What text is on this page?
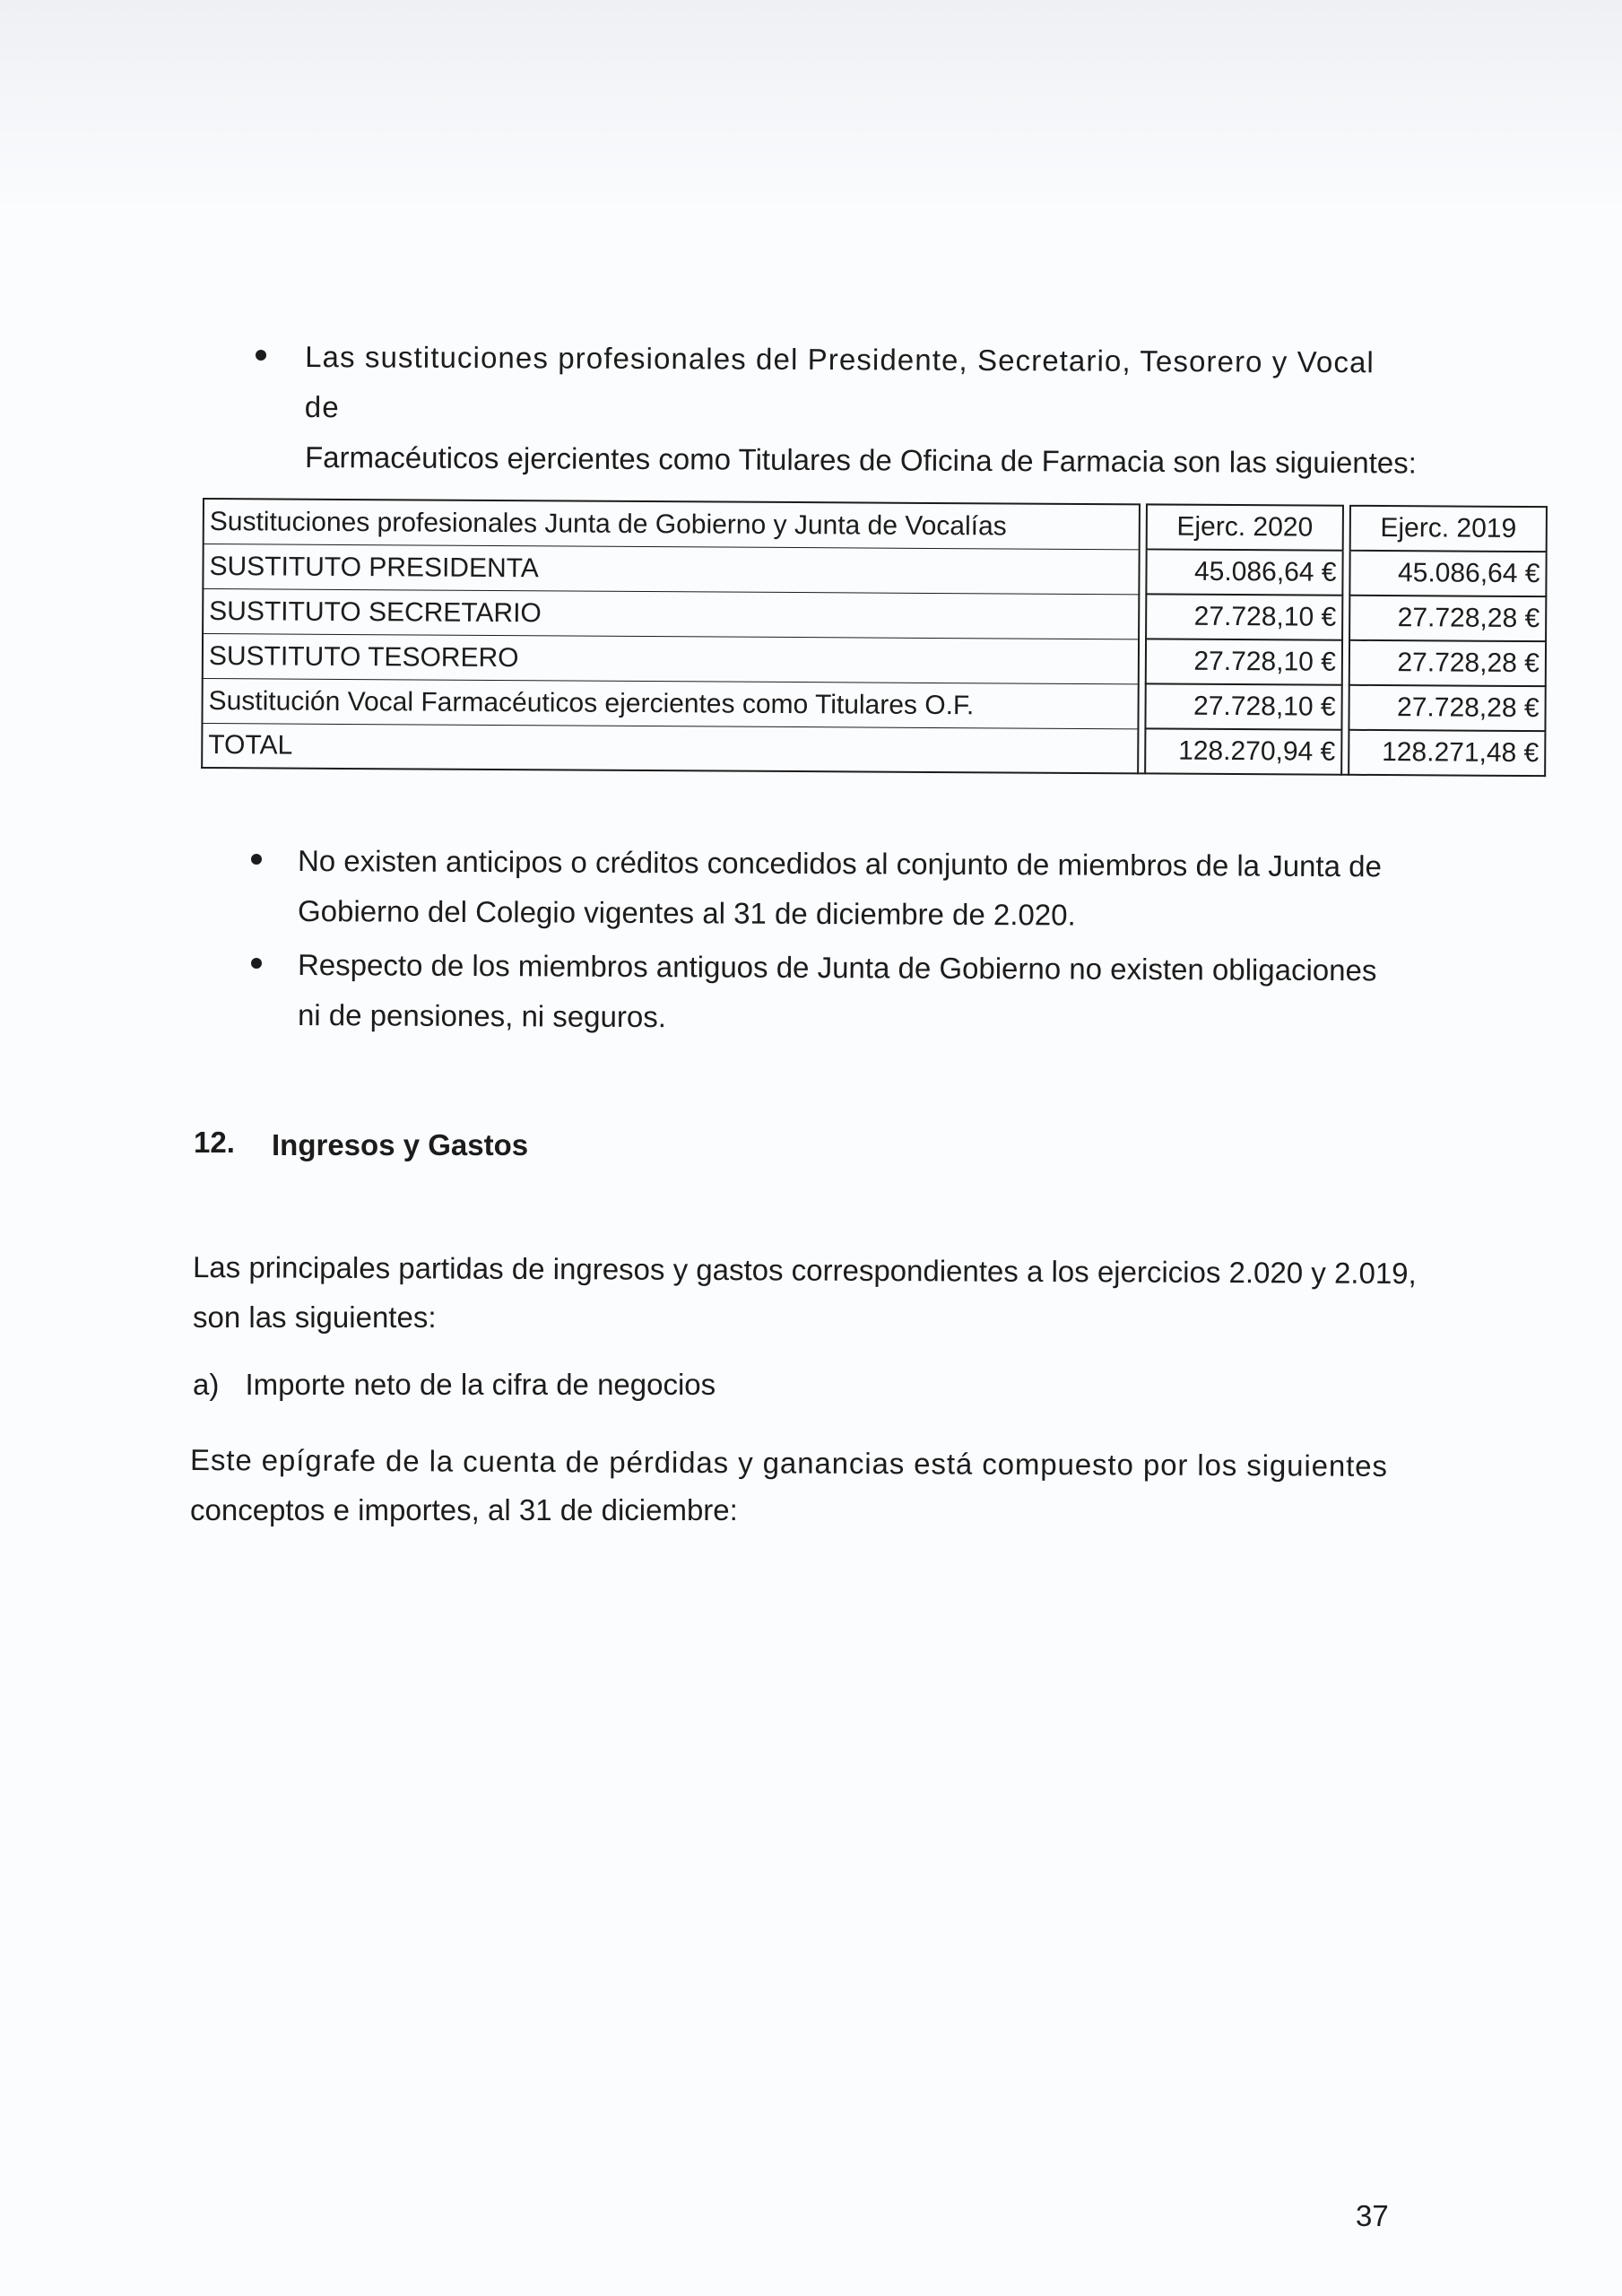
Las sustituciones profesionales del Presidente, Secretario, Tesorero y Vocal de
Farmacéuticos ejercientes como Titulares de Oficina de Farmacia son las siguientes:

Sustituciones profesionales Junta de Gobierno y Junta de Vocalías		Ejerc. 2020		Ejerc. 2019
SUSTITUTO PRESIDENTA		45.086,64 €		45.086,64 €
SUSTITUTO SECRETARIO		27.728,10 €		27.728,28 €
SUSTITUTO TESORERO		27.728,10 €		27.728,28 €
Sustitución Vocal Farmacéuticos ejercientes como Titulares O.F.		27.728,10 €		27.728,28 €
TOTAL		128.270,94 €		128.271,48 €

No existen anticipos o créditos concedidos al conjunto de miembros de la Junta de
Gobierno del Colegio vigentes al 31 de diciembre de 2.020.

Respecto de los miembros antiguos de Junta de Gobierno no existen obligaciones
ni de pensiones, ni seguros.

12. Ingresos y Gastos

Las principales partidas de ingresos y gastos correspondientes a los ejercicios 2.020 y 2.019,
son las siguientes:

a) Importe neto de la cifra de negocios

Este epígrafe de la cuenta de pérdidas y ganancias está compuesto por los siguientes
conceptos e importes, al 31 de diciembre:

37
